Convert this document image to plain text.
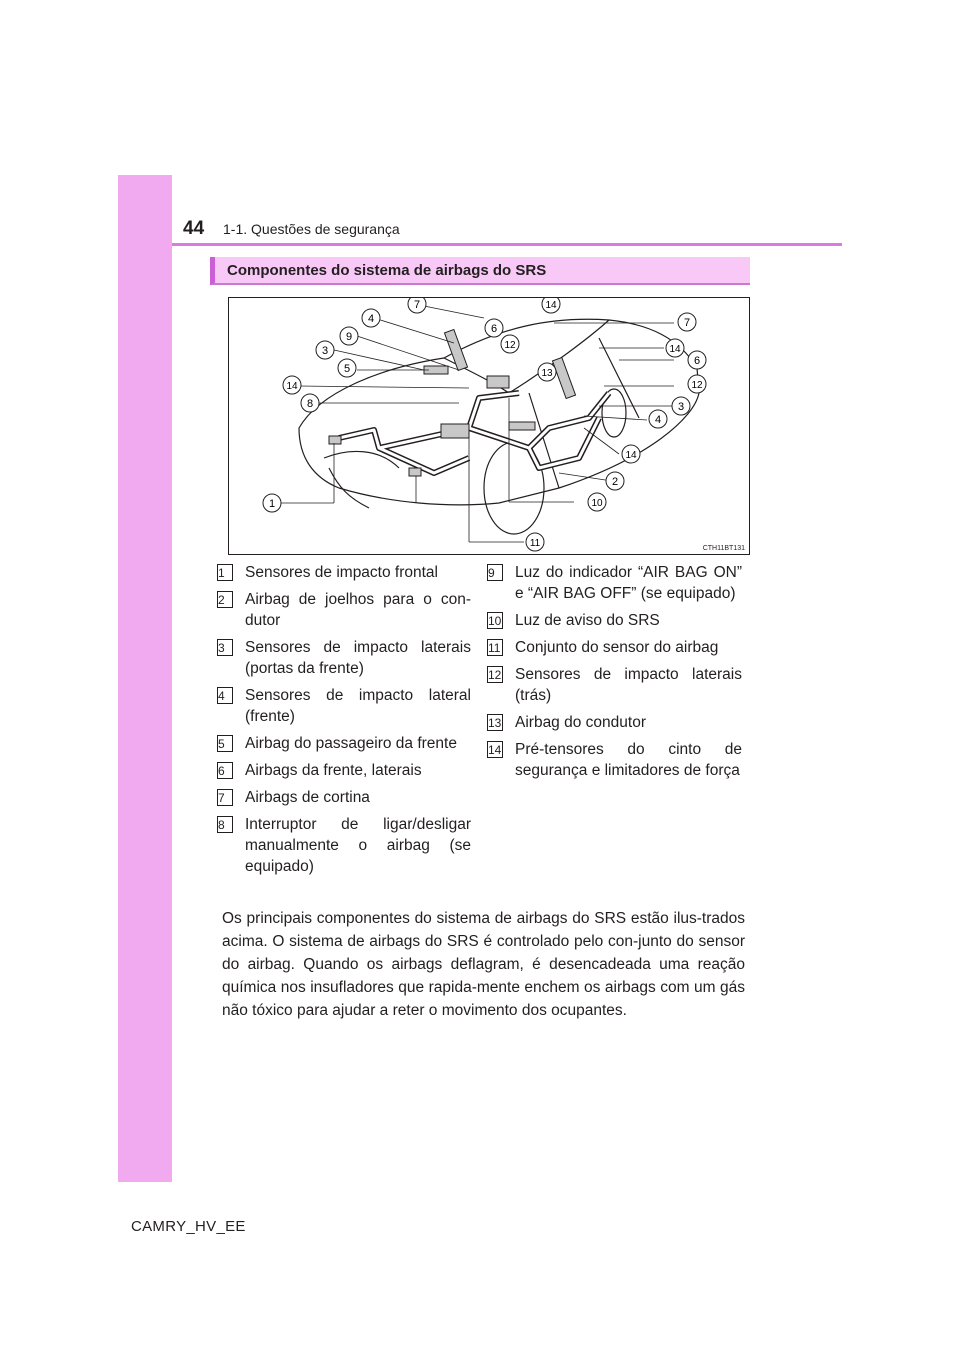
44 1-1. Questões de segurança
Componentes do sistema de airbags do SRS
7	14
4
6
9
12	14
3
13
7
5
6
14	12
8	3
4
14
2
1	10
11	CTH11BT131
1	Sensores de impacto frontal
2	Airbag de joelhos para o con-dutor
3	Sensores de impacto laterais (portas da frente)
4	Sensores de impacto lateral (frente)
5	Airbag do passageiro da frente
6	Airbags da frente, laterais
7	Airbags de cortina
8	Interruptor de ligar/desligar manualmente o airbag (se equipado)
9	Luz do indicador “AIR BAG ON” e “AIR BAG OFF” (se equipado)
10 Luz de aviso do SRS
11 Conjunto do sensor do airbag
12 Sensores de impacto laterais (trás)
13 Airbag do condutor
14 Pré-tensores do cinto de segurança e limitadores de força

Os principais componentes do sistema de airbags do SRS estão ilus-trados acima. O sistema de airbags do SRS é controlado pelo con-junto do sensor do airbag. Quando os airbags deflagram, é desencadeada uma reação química nos insufladores que rapida-mente enchem os airbags com um gás não tóxico para ajudar a reter o movimento dos ocupantes.

CAMRY_HV_EE
